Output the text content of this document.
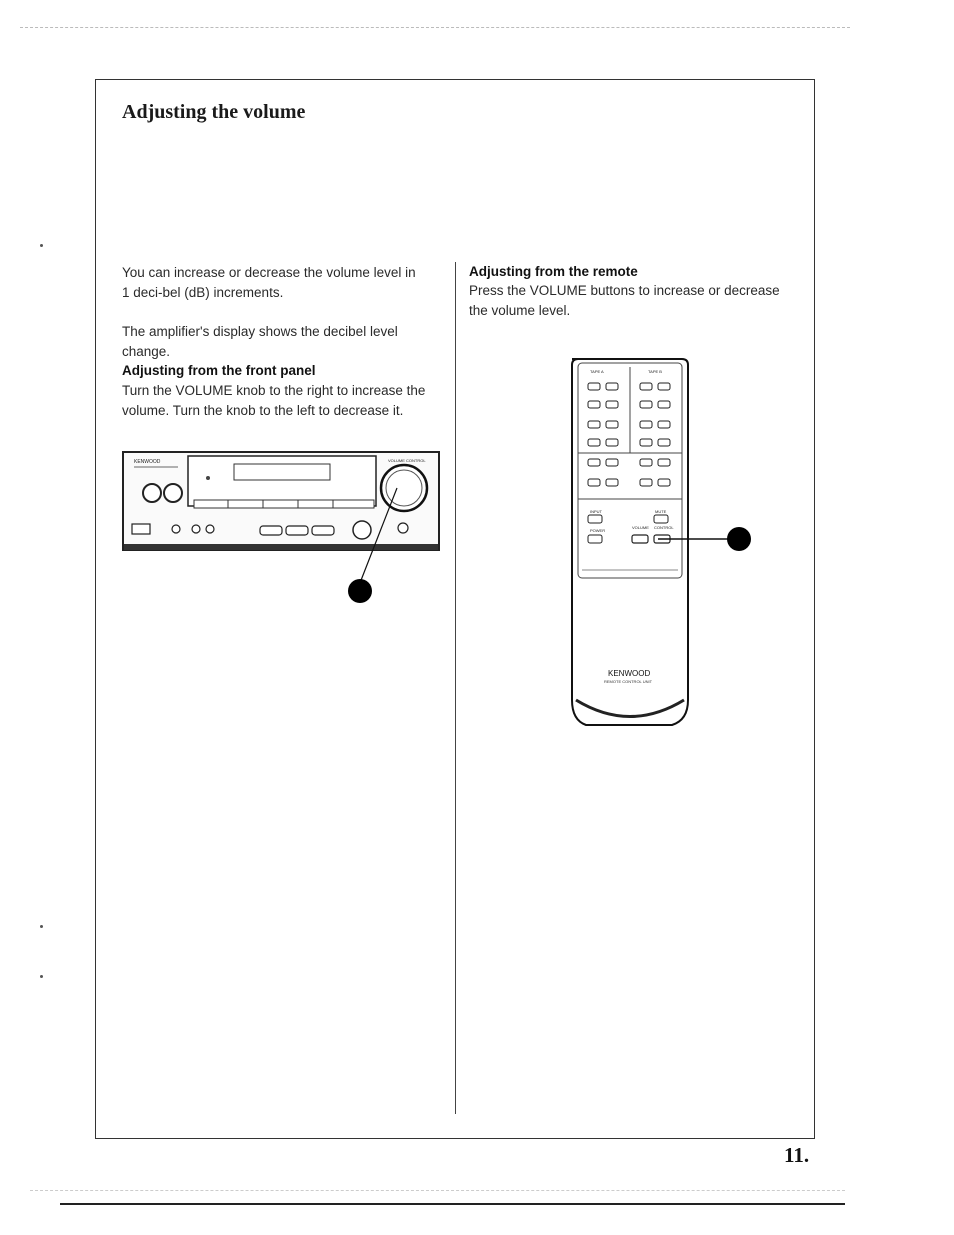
Adjusting the volume

You can increase or decrease the volume level in 1 deci-bel (dB) increments.

The amplifier's display shows the decibel level change.

Adjusting from the front panel

Turn the VOLUME knob to the right to increase the volume. Turn the knob to the left to decrease it.

KENWOOD	VOLUME CONTROL

Adjusting from the remote

Press the VOLUME buttons to increase or decrease the volume level.

TAPE A	TAPE B
INPUT	MUTE
POWER
VOLUME CONTROL
KENWOOD
REMOTE CONTROL UNIT
11.
